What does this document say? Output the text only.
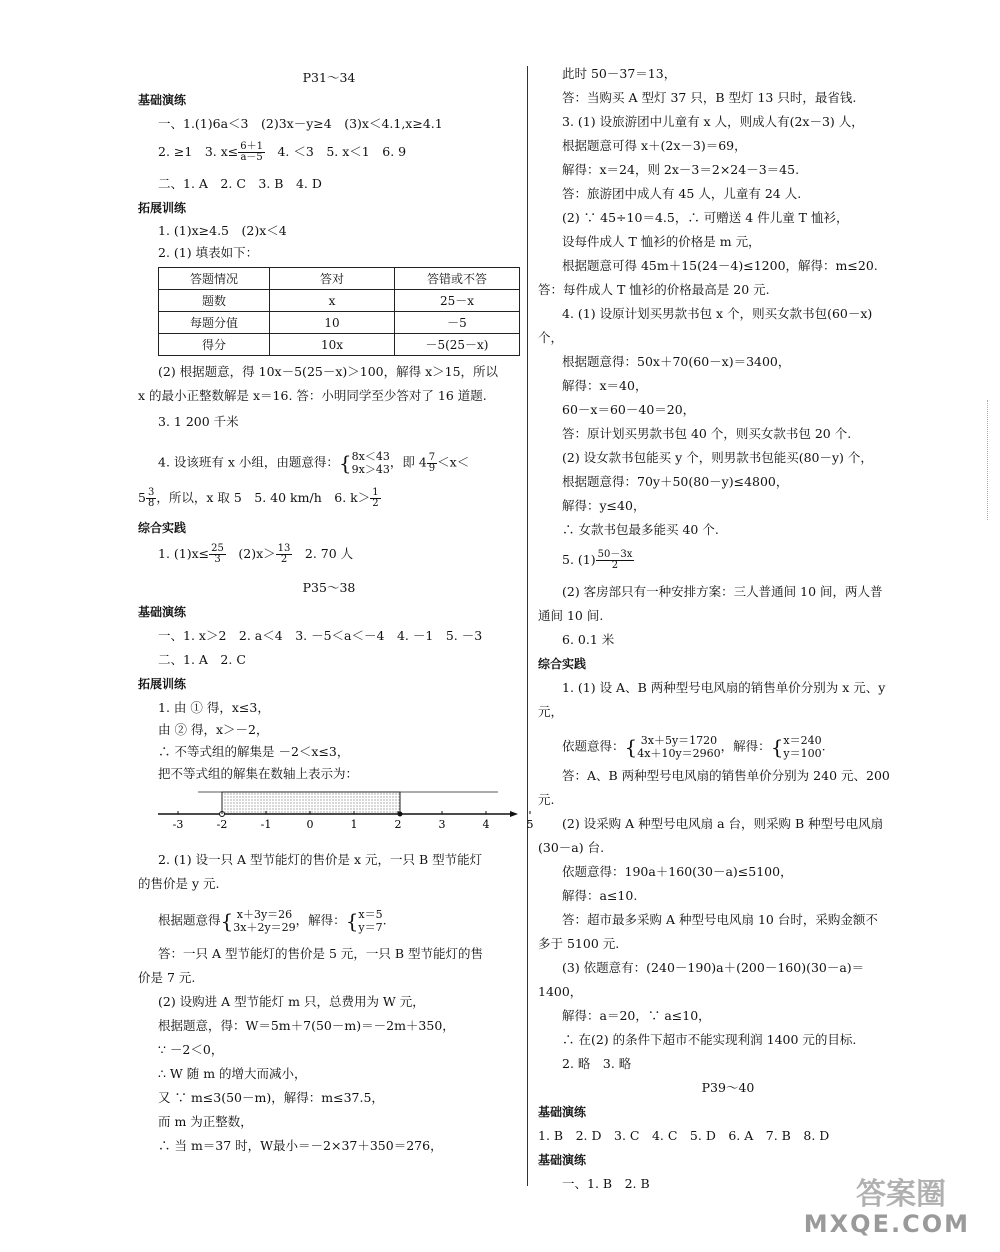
P31～34
基础演练
一、1.(1)6a＜3　(2)3x－y≥4　(3)x＜4.1,x≥4.1
2. ≥1　3. $x\le \frac{6+1}{a-5}$ 　4. ＜3　5. x＜1　6. 9
二、1. A　2. C　3. B　4. D
拓展训练
1. (1)x≥4.5　(2)x＜4
2. (1) 填表如下：
答题情况	答对	答错或不答
题数	x	25－x
每题分值	10	－5
得分	10x	－5(25－x)
(2) 根据题意，得 10x－5(25－x)＞100，解得 x＞15，所以
x 的最小正整数解是 x＝16. 答：小明同学至少答对了 16 道题.
3. 1 200 千米
4. 设该班有 x 小组，由题意得：{ 8x＜43
9x＞43 ，即 $4 \frac{7}{9} <x<$
$5 \frac{3}{8}$ ，所以，x 取 5　5. 40 km/h　6. $k> \frac{1}{2}$
综合实践
1. $(1)x\le \frac{25}{3}$ 　$(2)x> \frac{13}{2}$ 　2. 70 人
P35～38
基础演练
一、1. x＞2　2. a＜4　3. －5＜a＜－4　4. －1　5. －3
二、1. A　2. C
拓展训练
1. 由 ① 得，x≤3，
由 ② 得，x＞－2，
∴ 不等式组的解集是 －2＜x≤3，
把不等式组的解集在数轴上表示为：
-3	-2	-1	0	1	2	3	4	5
2. (1) 设一只 A 型节能灯的售价是 x 元，一只 B 型节能灯
的售价是 y 元.
根据题意得{ x＋3y＝26
3x＋2y＝29 ，解得：{ x＝5
y＝7 .
答：一只 A 型节能灯的售价是 5 元，一只 B 型节能灯的售
价是 7 元.
(2) 设购进 A 型节能灯 m 只，总费用为 W 元，
根据题意，得：W＝5m＋7(50－m)＝－2m＋350，
∵ －2＜0，
∴ W 随 m 的增大而减小，
又 ∵ m≤3(50－m)，解得：m≤37.5，
而 m 为正整数，
∴ 当 m＝37 时，W最小＝－2×37＋350＝276，
此时 50－37＝13，
答：当购买 A 型灯 37 只，B 型灯 13 只时，最省钱.
3. (1) 设旅游团中儿童有 x 人，则成人有(2x－3) 人，
根据题意可得 x＋(2x－3)＝69，
解得：x＝24，则 2x－3＝2×24－3＝45.
答：旅游团中成人有 45 人，儿童有 24 人.
(2) ∵ 45÷10＝4.5，∴ 可赠送 4 件儿童 T 恤衫，
设每件成人 T 恤衫的价格是 m 元，
根据题意可得 45m＋15(24－4)≤1200，解得：m≤20.
答：每件成人 T 恤衫的价格最高是 20 元.
4. (1) 设原计划买男款书包 x 个，则买女款书包(60－x)
个，
根据题意得：50x＋70(60－x)＝3400，
解得：x＝40，
60－x＝60－40＝20，
答：原计划买男款书包 40 个，则买女款书包 20 个.
(2) 设女款书包能买 y 个，则男款书包能买(80－y) 个，
根据题意得：70y＋50(80－y)≤4800，
解得：y≤40，
∴ 女款书包最多能买 40 个.
5. $(1) \frac{50-3x}{2}$
(2) 客房部只有一种安排方案：三人普通间 10 间，两人普
通间 10 间.
6. 0.1 米
综合实践
1. (1) 设 A、B 两种型号电风扇的销售单价分别为 x 元、y
元，
依题意得：{ 3x＋5y＝1720
4x＋10y＝2960 ，解得：{ x＝240
y＝100 .
答：A、B 两种型号电风扇的销售单价分别为 240 元、200
元.
(2) 设采购 A 种型号电风扇 a 台，则采购 B 种型号电风扇
(30－a) 台.
依题意得：190a＋160(30－a)≤5100，
解得：a≤10.
答：超市最多采购 A 种型号电风扇 10 台时，采购金额不
多于 5100 元.
(3) 依题意有：(240－190)a＋(200－160)(30－a)＝
1400，
解得：a＝20，∵ a≤10，
∴ 在(2) 的条件下超市不能实现利润 1400 元的目标.
2. 略　3. 略
P39～40
基础演练
1. B　2. D　3. C　4. C　5. D　6. A　7. B　8. D
基础演练
一、1. B　2. B	答案圈
MXQE.COM
